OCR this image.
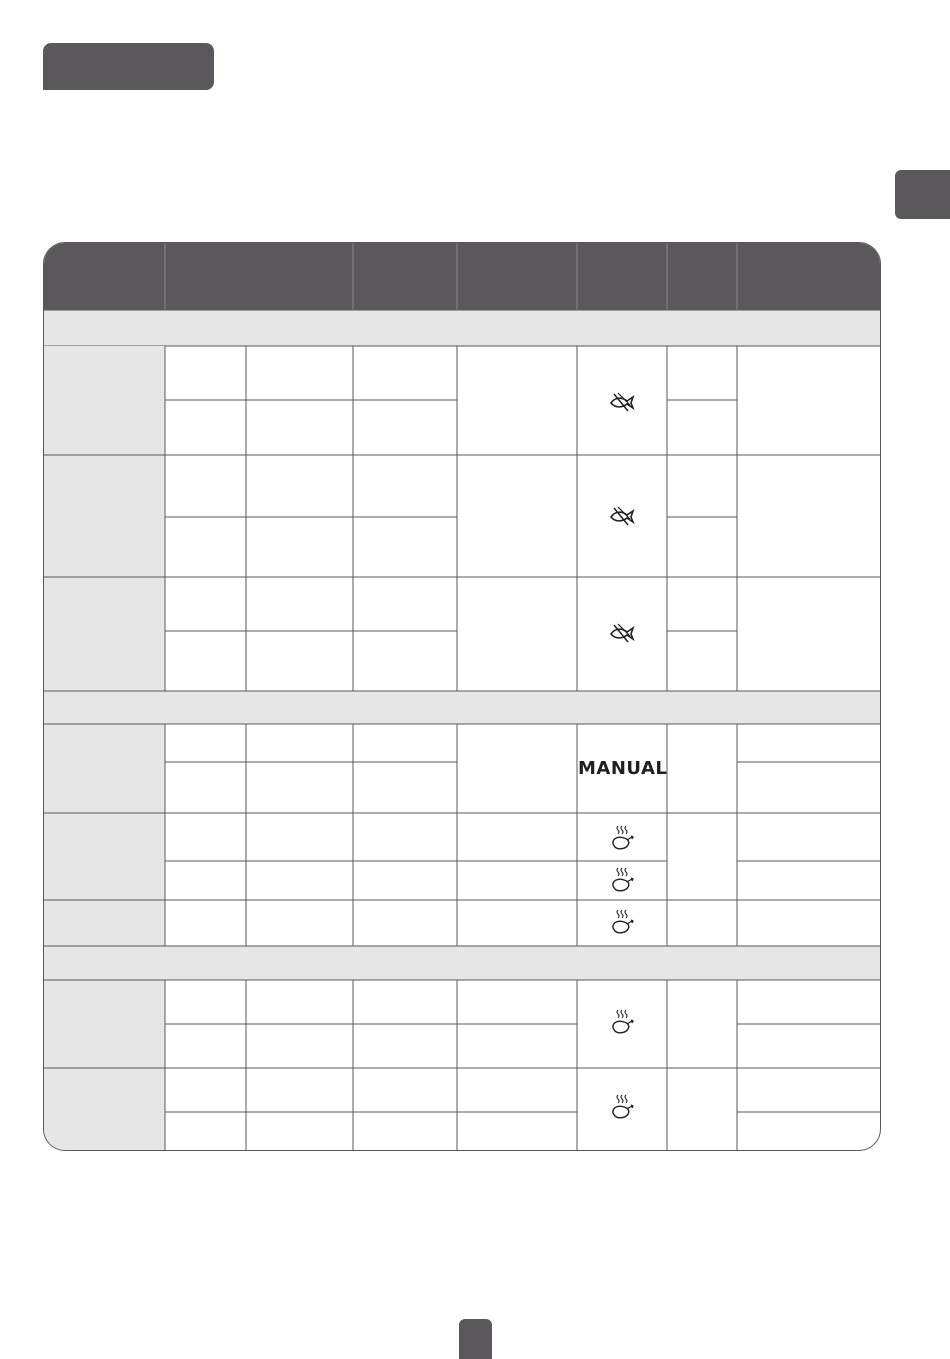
MANUAL
